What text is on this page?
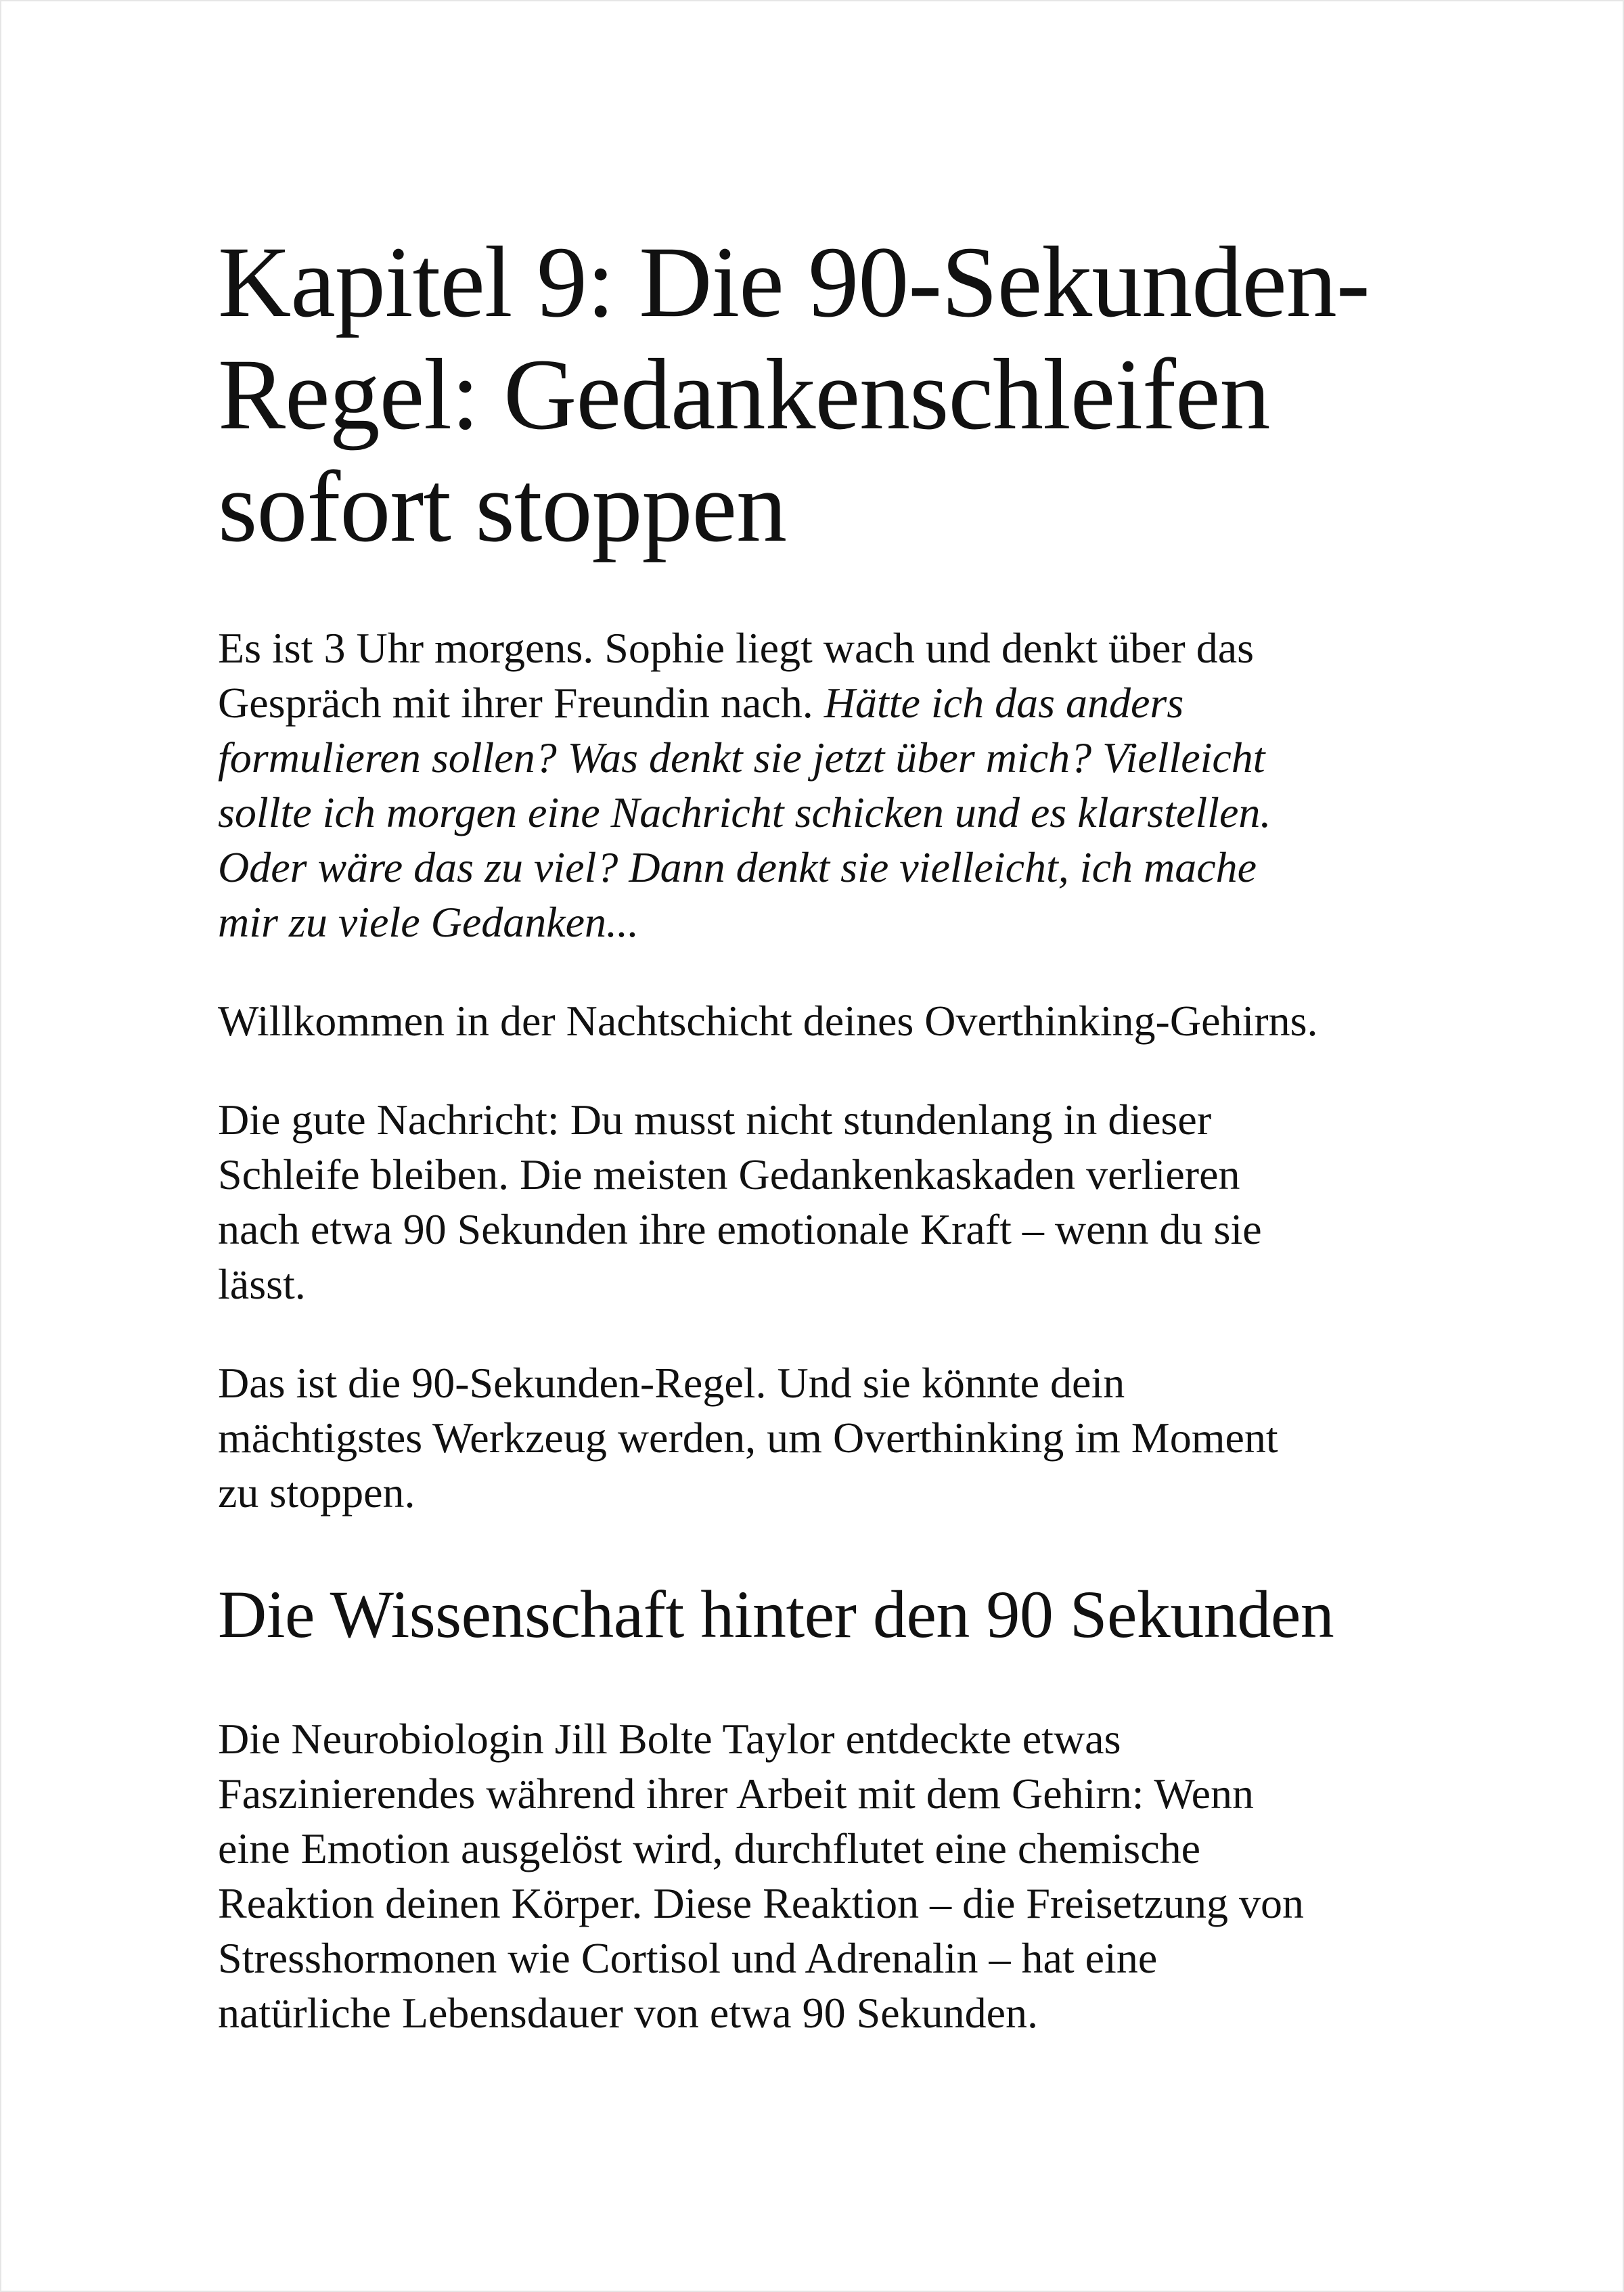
Kapitel 9: Die 90-Sekunden-
Regel: Gedankenschleifen
sofort stoppen

Es ist 3 Uhr morgens. Sophie liegt wach und denkt über das
Gespräch mit ihrer Freundin nach. Hätte ich das anders
formulieren sollen? Was denkt sie jetzt über mich? Vielleicht
sollte ich morgen eine Nachricht schicken und es klarstellen.
Oder wäre das zu viel? Dann denkt sie vielleicht, ich mache
mir zu viele Gedanken...

Willkommen in der Nachtschicht deines Overthinking-Gehirns.

Die gute Nachricht: Du musst nicht stundenlang in dieser
Schleife bleiben. Die meisten Gedankenkaskaden verlieren
nach etwa 90 Sekunden ihre emotionale Kraft – wenn du sie
lässt.

Das ist die 90-Sekunden-Regel. Und sie könnte dein
mächtigstes Werkzeug werden, um Overthinking im Moment
zu stoppen.

Die Wissenschaft hinter den 90 Sekunden

Die Neurobiologin Jill Bolte Taylor entdeckte etwas
Faszinierendes während ihrer Arbeit mit dem Gehirn: Wenn
eine Emotion ausgelöst wird, durchflutet eine chemische
Reaktion deinen Körper. Diese Reaktion – die Freisetzung von
Stresshormonen wie Cortisol und Adrenalin – hat eine
natürliche Lebensdauer von etwa 90 Sekunden.
